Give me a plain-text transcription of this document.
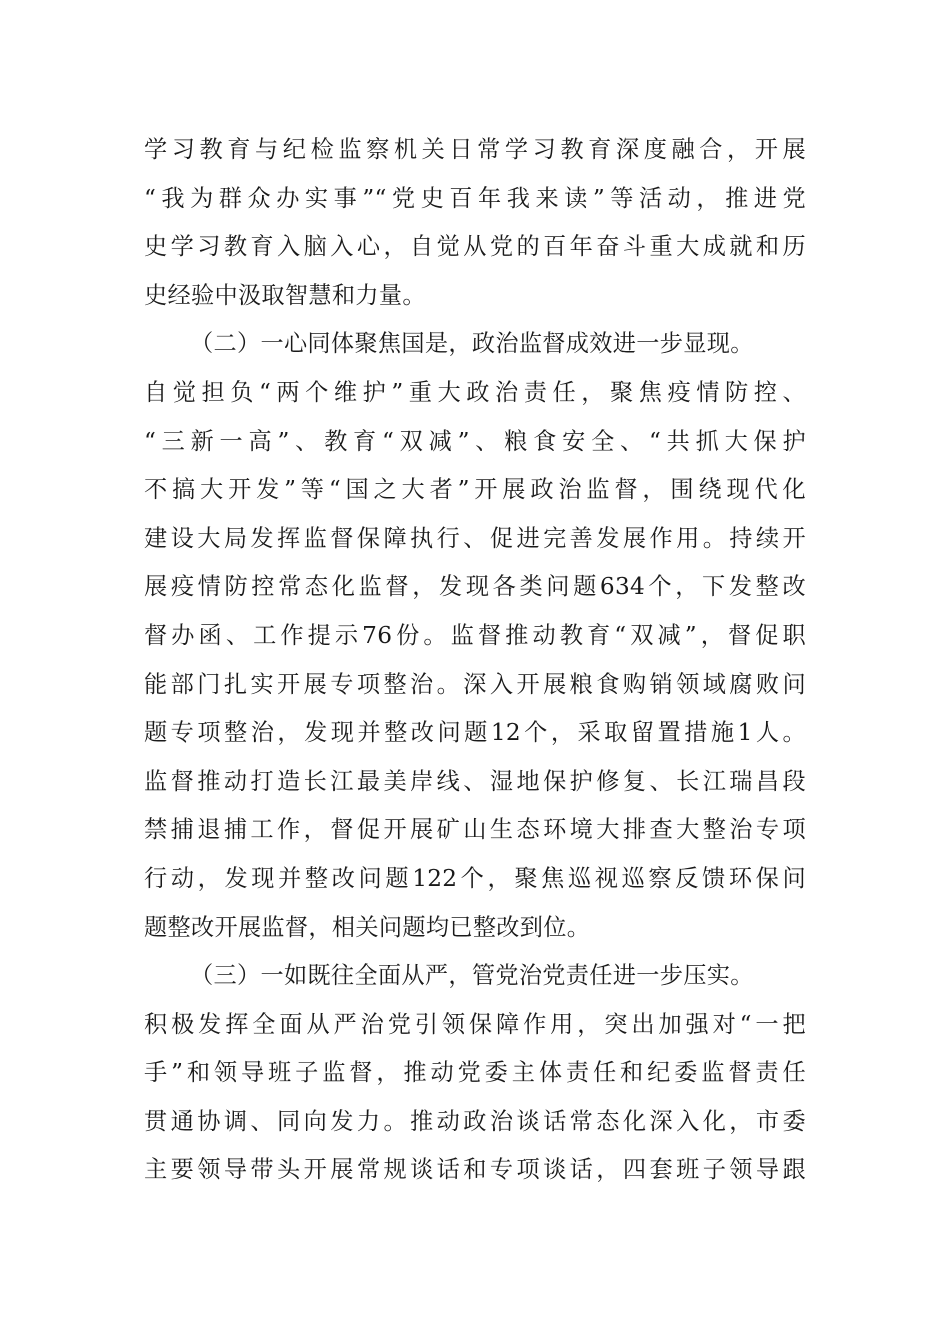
学习教育与纪检监察机关日常学习教育深度融合，开展
“我为群众办实事”“党史百年我来读”等活动，推进党
史学习教育入脑入心，自觉从党的百年奋斗重大成就和历
史经验中汲取智慧和力量。
（二）一心同体聚焦国是，政治监督成效进一步显现。
自觉担负“两个维护”重大政治责任，聚焦疫情防控、
“三新一高”、教育“双减”、粮食安全、“共抓大保护
不搞大开发”等“国之大者”开展政治监督，围绕现代化
建设大局发挥监督保障执行、促进完善发展作用。持续开
展疫情防控常态化监督，发现各类问题634个，下发整改
督办函、工作提示76份。监督推动教育“双减”，督促职
能部门扎实开展专项整治。深入开展粮食购销领域腐败问
题专项整治，发现并整改问题12个，采取留置措施1人。
监督推动打造长江最美岸线、湿地保护修复、长江瑞昌段
禁捕退捕工作，督促开展矿山生态环境大排查大整治专项
行动，发现并整改问题122个，聚焦巡视巡察反馈环保问
题整改开展监督，相关问题均已整改到位。
（三）一如既往全面从严，管党治党责任进一步压实。
积极发挥全面从严治党引领保障作用，突出加强对“一把
手”和领导班子监督，推动党委主体责任和纪委监督责任
贯通协调、同向发力。推动政治谈话常态化深入化，市委
主要领导带头开展常规谈话和专项谈话，四套班子领导跟
